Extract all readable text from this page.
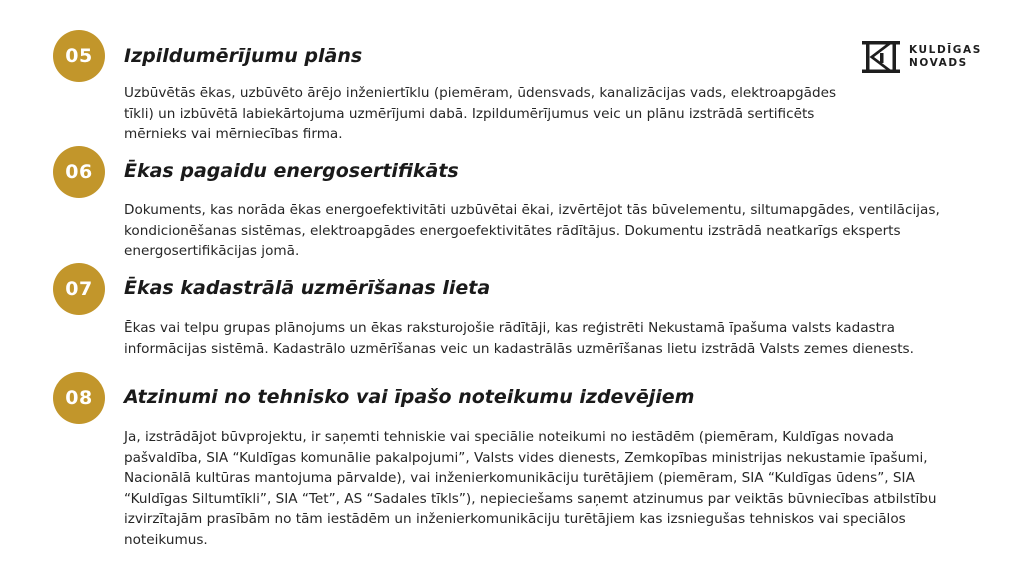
KULDĪGAS
NOVADS
05	Izpildumērījumu plāns

Uzbūvētās ēkas, uzbūvēto ārējo inženiertīklu (piemēram, ūdensvads, kanalizācijas vads, elektroapgādes tīkli) un izbūvētā labiekārtojuma uzmērījumi dabā. Izpildumērījumus veic un plānu izstrādā sertificēts mērnieks vai mērniecības firma.

06	Ēkas pagaidu energosertifikāts

Dokuments, kas norāda ēkas energoefektivitāti uzbūvētai ēkai, izvērtējot tās būvelementu, siltumapgādes, ventilācijas, kondicionēšanas sistēmas, elektroapgādes energoefektivitātes rādītājus. Dokumentu izstrādā neatkarīgs eksperts energosertifikācijas jomā.

07	Ēkas kadastrālā uzmērīšanas lieta

Ēkas vai telpu grupas plānojums un ēkas raksturojošie rādītāji, kas reģistrēti Nekustamā īpašuma valsts kadastra informācijas sistēmā. Kadastrālo uzmērīšanas veic un kadastrālās uzmērīšanas lietu izstrādā Valsts zemes dienests.

08	Atzinumi no tehnisko vai īpašo noteikumu izdevējiem

Ja, izstrādājot būvprojektu, ir saņemti tehniskie vai speciālie noteikumi no iestādēm (piemēram, Kuldīgas novada pašvaldība, SIA “Kuldīgas komunālie pakalpojumi”, Valsts vides dienests, Zemkopības ministrijas nekustamie īpašumi, Nacionālā kultūras mantojuma pārvalde), vai inženierkomunikāciju turētājiem (piemēram, SIA “Kuldīgas ūdens”, SIA “Kuldīgas Siltumtīkli”, SIA “Tet”, AS “Sadales tīkls”), nepieciešams saņemt atzinumus par veiktās būvniecības atbilstību izvirzītajām prasībām no tām iestādēm un inženierkomunikāciju turētājiem kas izsniegušas tehniskos vai speciālos noteikumus.
